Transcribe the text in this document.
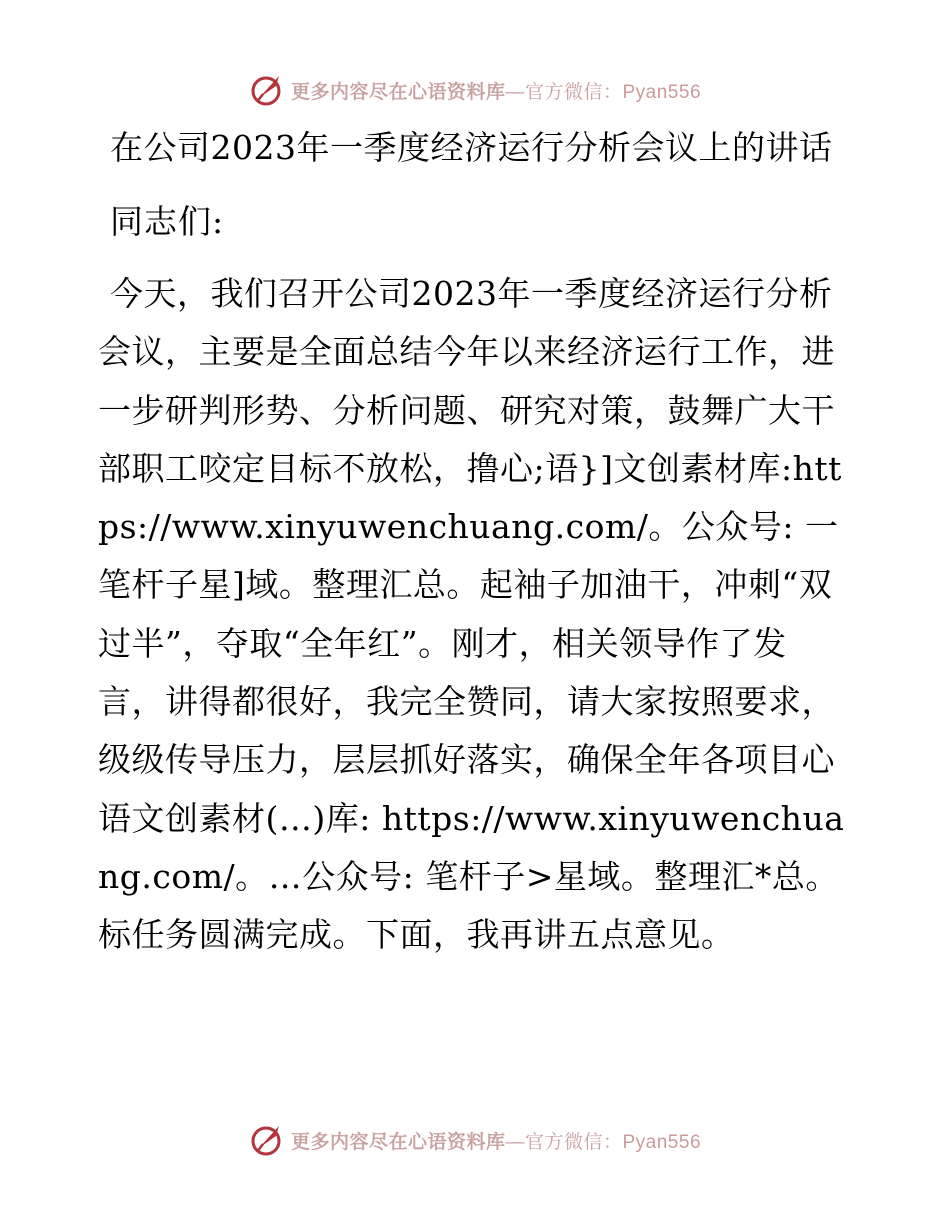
更多内容尽在心语资料库—官方微信：Pyan556
在公司2023年一季度经济运行分析会议上的讲话
同志们:

今天，我们召开公司2023年一季度经济运行分析会议，主要是全面总结今年以来经济运行工作，进一步研判形势、分析问题、研究对策，鼓舞广大干部职工咬定目标不放松，撸心;语}]文创素材库:https://www.xinyuwenchuang.com/。公众号: 一笔杆子星]域。整理汇总。起袖子加油干，冲刺“双过半”，夺取“全年红”。刚才，相关领导作了发言，讲得都很好，我完全赞同，请大家按照要求，级级传导压力，层层抓好落实，确保全年各项目心语文创素材(…)库: https://www.xinyuwenchuang.com/。…公众号: 笔杆子>星域。整理汇*总。标任务圆满完成。下面，我再讲五点意见。

更多内容尽在心语资料库—官方微信：Pyan556
